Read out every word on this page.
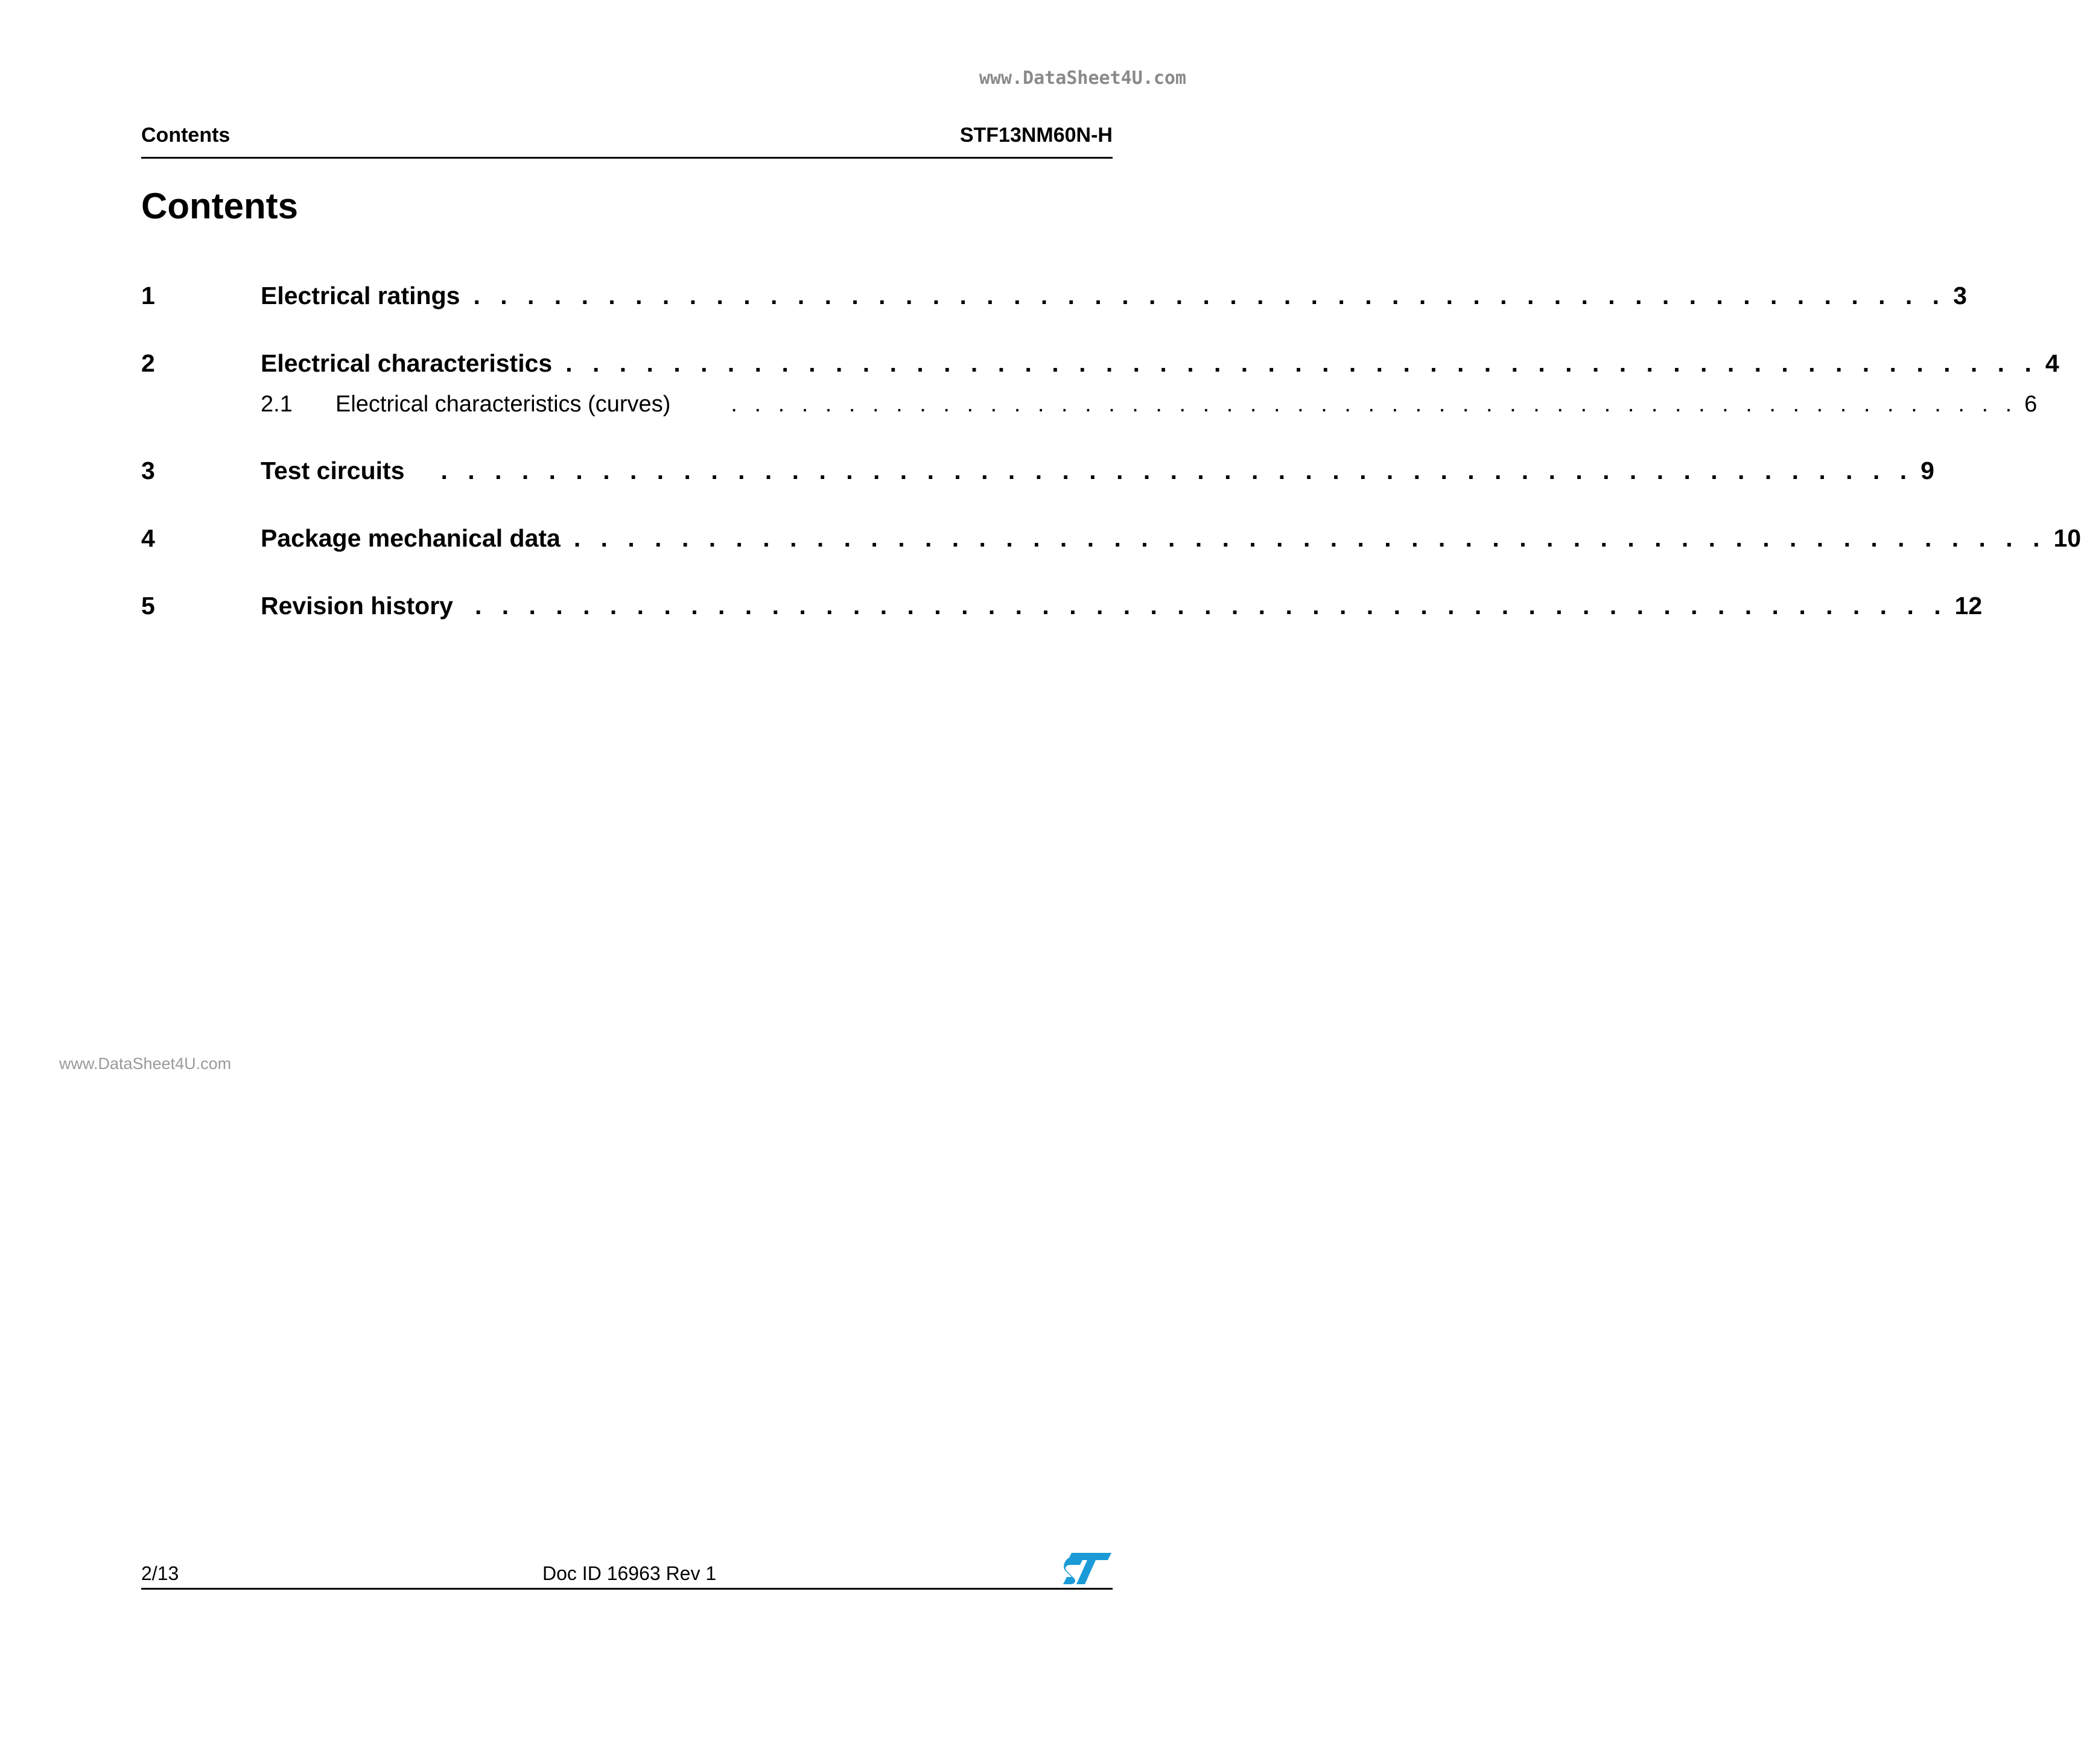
www.DataSheet4U.com
Contents	STF13NM60N-H
Contents
1	Electrical ratings . . . . . . . . . . . . . . . . . . . . . . . . . . . . . . . . . . . . . . . . . . . . . . . . . . . . . . . 3
2	Electrical characteristics . . . . . . . . . . . . . . . . . . . . . . . . . . . . . . . . . . . . . . . . . . . . . . . . . . . . . . . 4
2.1	Electrical characteristics (curves)	. . . . . . . . . . . . . . . . . . . . . . . . . . . . . . . . . . . . . . . . . . . . . . . . . . . . . . . 6
3	Test circuits . . . . . . . . . . . . . . . . . . . . . . . . . . . . . . . . . . . . . . . . . . . . . . . . . . . . . . . 9
4	Package mechanical data . . . . . . . . . . . . . . . . . . . . . . . . . . . . . . . . . . . . . . . . . . . . . . . . . . . . . . . 10
5	Revision history . . . . . . . . . . . . . . . . . . . . . . . . . . . . . . . . . . . . . . . . . . . . . . . . . . . . . . . 12
www.DataSheet4U.com
2/13	Doc ID 16963 Rev 1
